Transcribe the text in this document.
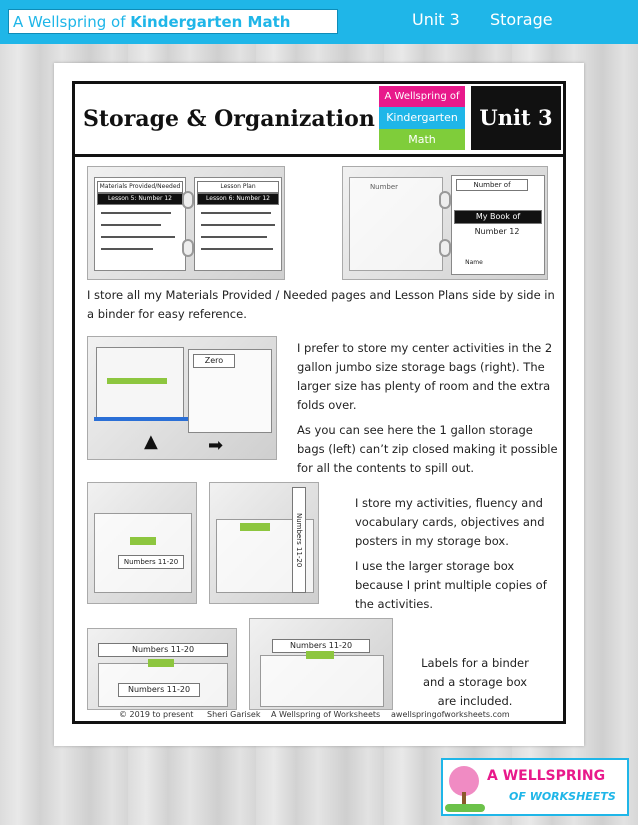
A Wellspring of Kindergarten Math	Unit 3 Storage
Storage & Organization
A Wellspring of
Kindergarten
Math
Unit 3
Materials Provided/Needed
Lesson 5: Number 12
Lesson Plan
Lesson 6: Number 12
Number	Number of
My Book of
Number 12
Name
I store all my Materials Provided / Needed pages and Lesson Plans side by side in a binder for easy reference.
Zero
▲	➡

I prefer to store my center activities in the 2 gallon jumbo size storage bags (right). The larger size has plenty of room and the extra folds over.

As you can see here the 1 gallon storage bags (left) can’t zip closed making it possible for all the contents to spill out.

Numbers 11-20	Numbers 11-20

I store my activities, fluency and vocabulary cards, objectives and posters in my storage box.

I use the larger storage box because I print multiple copies of the activities.

Numbers 11-20
Numbers 11-20
Numbers 11-20
Labels for a binder and a storage box are included.
© 2019 to present Sheri Garisek A Wellspring of Worksheets awellspringofworksheets.com
A WELLSPRING
OF WORKSHEETS
